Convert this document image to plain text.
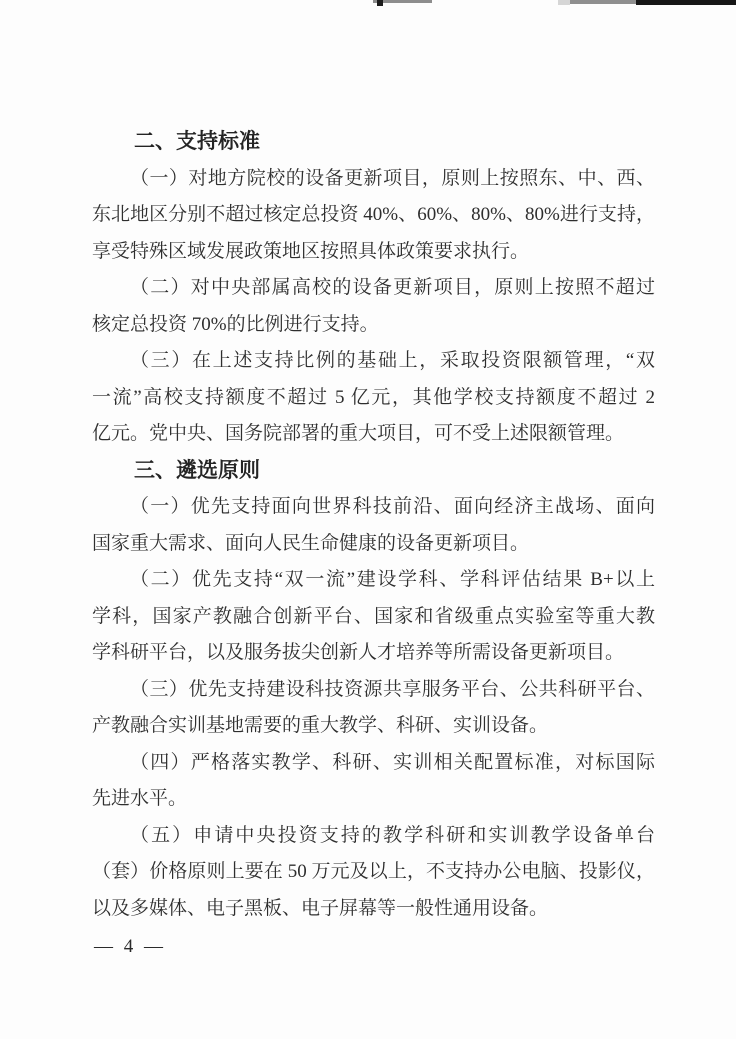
二、支持标准
（一）对地方院校的设备更新项目，原则上按照东、中、西、
东北地区分别不超过核定总投资 40%、60%、80%、80%进行支持，
享受特殊区域发展政策地区按照具体政策要求执行。
（二）对中央部属高校的设备更新项目，原则上按照不超过
核定总投资 70%的比例进行支持。
（三）在上述支持比例的基础上，采取投资限额管理，“双
一流”高校支持额度不超过 5 亿元，其他学校支持额度不超过 2
亿元。党中央、国务院部署的重大项目，可不受上述限额管理。
三、遴选原则
（一）优先支持面向世界科技前沿、面向经济主战场、面向
国家重大需求、面向人民生命健康的设备更新项目。
（二）优先支持“双一流”建设学科、学科评估结果 B+以上
学科，国家产教融合创新平台、国家和省级重点实验室等重大教
学科研平台，以及服务拔尖创新人才培养等所需设备更新项目。
（三）优先支持建设科技资源共享服务平台、公共科研平台、
产教融合实训基地需要的重大教学、科研、实训设备。
（四）严格落实教学、科研、实训相关配置标准，对标国际
先进水平。
（五）申请中央投资支持的教学科研和实训教学设备单台
（套）价格原则上要在 50 万元及以上，不支持办公电脑、投影仪，
以及多媒体、电子黑板、电子屏幕等一般性通用设备。
— 4 —
